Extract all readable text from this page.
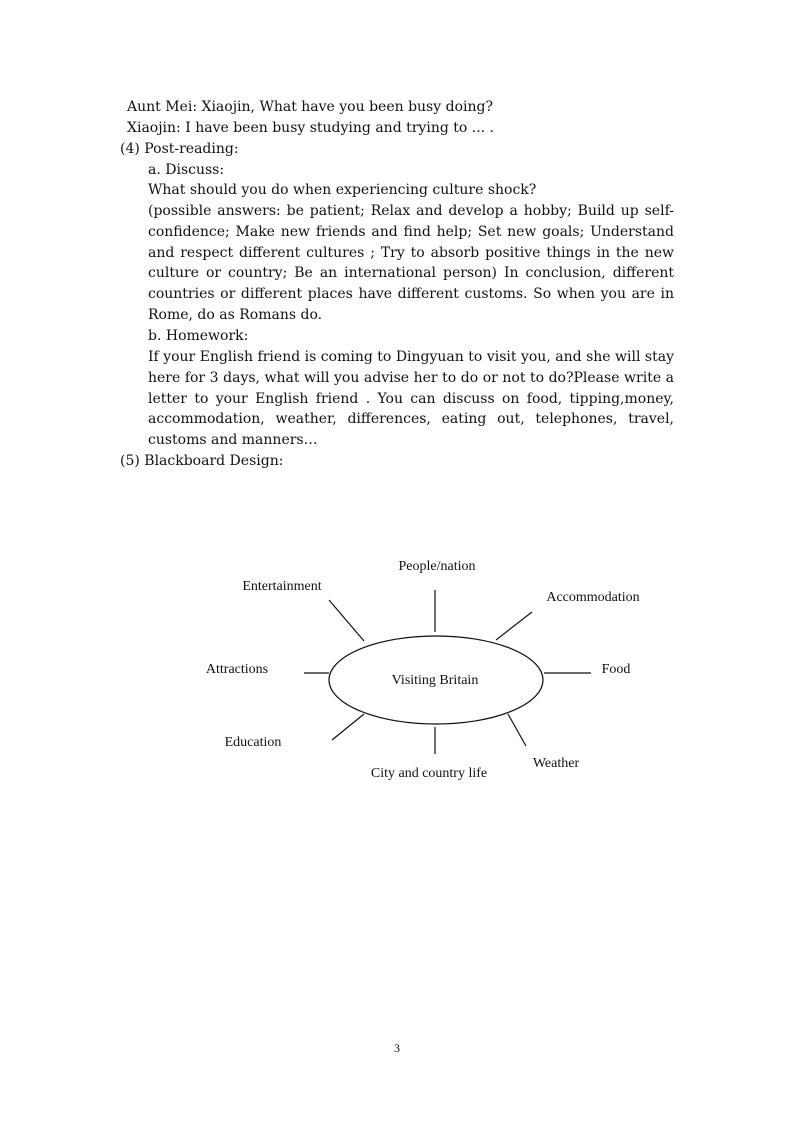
Aunt Mei: Xiaojin, What have you been busy doing?
Xiaojin: I have been busy studying and trying to ... .
(4) Post-reading:
a. Discuss:
What should you do when experiencing culture shock?
(possible answers: be patient; Relax and develop a hobby; Build up self-confidence; Make new friends and find help; Set new goals; Understand and respect different cultures ; Try to absorb positive things in the new culture or country; Be an international person) In conclusion, different countries or different places have different customs. So when you are in Rome, do as Romans do.
b. Homework:
If your English friend is coming to Dingyuan to visit you, and she will stay here for 3 days, what will you advise her to do or not to do?Please write a letter to your English friend . You can discuss on food, tipping,money, accommodation, weather, differences, eating out, telephones, travel, customs and manners…
(5) Blackboard Design:
Visiting Britain
People/nation
Accommodation
Food
Weather
City and country life
Education
Attractions
Entertainment
3
